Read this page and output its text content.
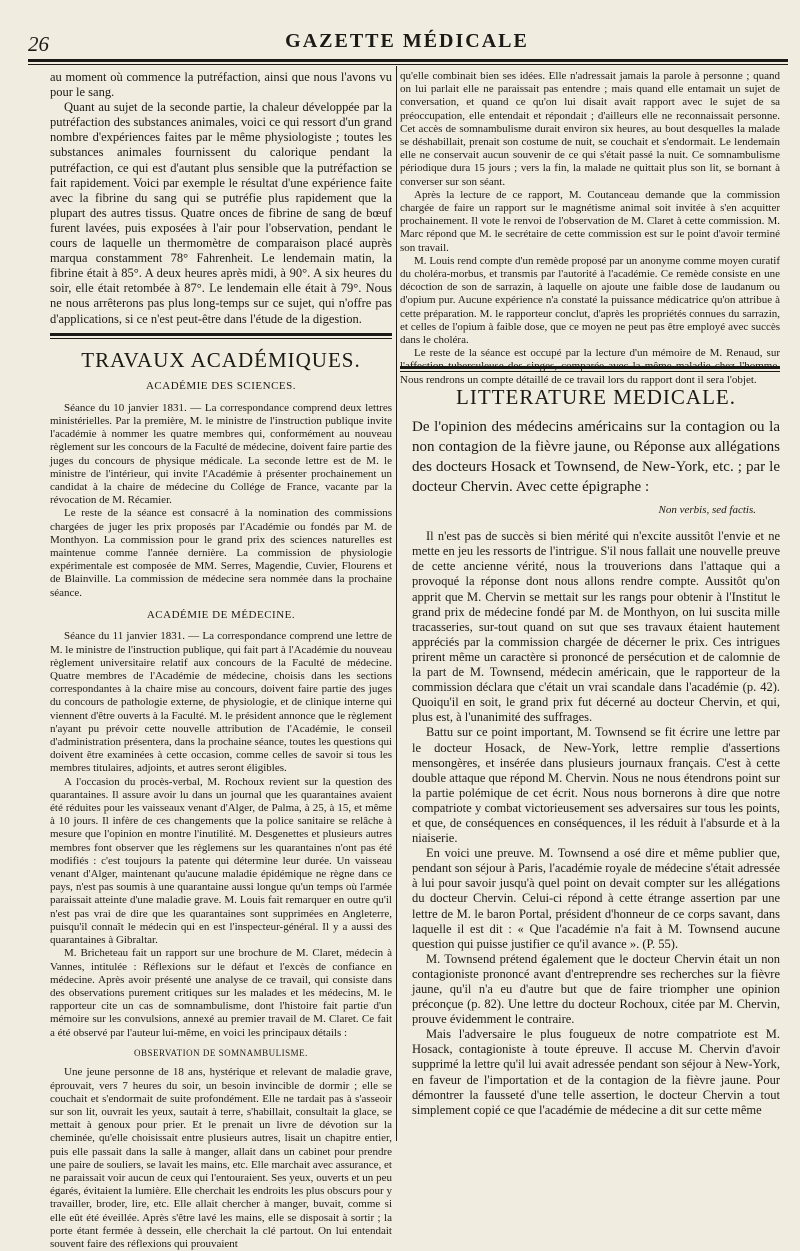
26	GAZETTE MÉDICALE

au moment où commence la putréfaction, ainsi que nous l'avons vu pour le sang.

Quant au sujet de la seconde partie, la chaleur développée par la putréfaction des substances animales, voici ce qui ressort d'un grand nombre d'expériences faites par le même physiologiste ; toutes les substances animales fournissent du calorique pendant la putréfaction, ce qui est d'autant plus sensible que la putréfaction se fait rapidement. Voici par exemple le résultat d'une expérience faite avec la fibrine du sang qui se putréfie plus rapidement que la plupart des autres tissus. Quatre onces de fibrine de sang de bœuf furent lavées, puis exposées à l'air pour l'observation, pendant le cours de laquelle un thermomètre de comparaison placé auprès marqua constamment 78° Fahrenheit. Le lendemain matin, la fibrine était à 85°. A deux heures après midi, à 90°. A six heures du soir, elle était retombée à 87°. Le lendemain elle était à 79°. Nous ne nous arrêterons pas plus long-temps sur ce sujet, qui n'offre pas d'applications, si ce n'est peut-être dans l'étude de la digestion.

TRAVAUX ACADÉMIQUES.
ACADÉMIE DES SCIENCES.

Séance du 10 janvier 1831. — La correspondance comprend deux lettres ministérielles. Par la première, M. le ministre de l'instruction publique invite l'académie à nommer les quatre membres qui, conformément au nouveau règlement sur les concours de la Faculté de médecine, doivent faire partie des juges du concours de physique médicale. La seconde lettre est de M. le ministre de l'intérieur, qui invite l'Académie à présenter prochainement un candidat à la chaire de médecine du Collége de France, vacante par la révocation de M. Récamier.

Le reste de la séance est consacré à la nomination des commissions chargées de juger les prix proposés par l'Académie ou fondés par M. de Monthyon. La commission pour le grand prix des sciences naturelles est maintenue comme l'année dernière. La commission de physiologie expérimentale est composée de MM. Serres, Magendie, Cuvier, Flourens et de Blainville. La commission de médecine sera nommée dans la prochaine séance.

ACADÉMIE DE MÉDECINE.

Séance du 11 janvier 1831. — La correspondance comprend une lettre de M. le ministre de l'instruction publique, qui fait part à l'Académie du nouveau règlement universitaire relatif aux concours de la Faculté de médecine. Quatre membres de l'Académie de médecine, choisis dans les sections correspondantes à la chaire mise au concours, doivent faire partie des juges du concours de pathologie externe, de physiologie, et de clinique interne qui viennent d'être ouverts à la Faculté. M. le président annonce que le règlement n'ayant pu prévoir cette nouvelle attribution de l'Académie, le conseil d'administration présentera, dans la prochaine séance, toutes les questions qui doivent être examinées à cette occasion, comme celles de savoir si tous les membres titulaires, adjoints, et autres seront éligibles.

A l'occasion du procès-verbal, M. Rochoux revient sur la question des quarantaines. Il assure avoir lu dans un journal que les quarantaines avaient été réduites pour les vaisseaux venant d'Alger, de Palma, à 25, à 15, et même à 10 jours. Il infère de ces changements que la police sanitaire se relâche à mesure que l'opinion en montre l'inutilité. M. Desgenettes et plusieurs autres membres font observer que les règlemens sur les quarantaines n'ont pas été modifiés : c'est toujours la patente qui détermine leur durée. Un vaisseau venant d'Alger, maintenant qu'aucune maladie épidémique ne règne dans ce pays, n'est pas soumis à une quarantaine aussi longue qu'un temps où l'armée paraissait atteinte d'une maladie grave. M. Louis fait remarquer en outre qu'il n'est pas vrai de dire que les quarantaines sont supprimées en Angleterre, puisqu'il connaît le médecin qui en est l'inspecteur-général. Il y a aussi des quarantaines à Gibraltar.

M. Bricheteau fait un rapport sur une brochure de M. Claret, médecin à Vannes, intitulée : Réflexions sur le défaut et l'excès de confiance en médecine. Après avoir présenté une analyse de ce travail, qui consiste dans des observations purement critiques sur les malades et les médecins, M. le rapporteur cite un cas de somnambulisme, dont l'histoire fait partie d'un mémoire sur les convulsions, annexé au premier travail de M. Claret. Ce fait a été observé par l'auteur lui-même, en voici les principaux détails :

OBSERVATION DE SOMNAMBULISME.

Une jeune personne de 18 ans, hystérique et relevant de maladie grave, éprouvait, vers 7 heures du soir, un besoin invincible de dormir ; elle se couchait et s'endormait de suite profondément. Elle ne tardait pas à s'asseoir sur son lit, ouvrait les yeux, sautait à terre, s'habillait, consultait la glace, se mettait à genoux pour prier. Et le prenait un livre de dévotion sur la cheminée, qu'elle choisissait entre plusieurs autres, lisait un chapitre entier, puis elle passait dans la salle à manger, allait dans un cabinet pour prendre une paire de souliers, se lavait les mains, etc. Elle marchait avec assurance, et ne paraissait voir aucun de ceux qui l'entouraient. Ses yeux, ouverts et un peu égarés, évitaient la lumière. Elle cherchait les endroits les plus obscurs pour y travailler, broder, lire, etc. Elle allait chercher à manger, buvait, comme si elle eût été éveillée. Après s'être lavé les mains, elle se disposait à sortir ; la porte étant fermée à dessein, elle cherchait la clé partout. On lui entendait souvent faire des réflexions qui prouvaient

qu'elle combinait bien ses idées. Elle n'adressait jamais la parole à personne ; quand on lui parlait elle ne paraissait pas entendre ; mais quand elle entamait un sujet de conversation, et quand ce qu'on lui disait avait rapport avec le sujet de sa préoccupation, elle entendait et répondait ; d'ailleurs elle ne reconnaissait personne. Cet accès de somnambulisme durait environ six heures, au bout desquelles la malade se déshabillait, prenait son costume de nuit, se couchait et s'endormait. Le lendemain elle ne conservait aucun souvenir de ce qui s'était passé la nuit. Ce somnambulisme périodique dura 15 jours ; vers la fin, la malade ne quittait plus son lit, se bornant à converser sur son séant.

Après la lecture de ce rapport, M. Coutanceau demande que la commission chargée de faire un rapport sur le magnétisme animal soit invitée à s'en acquitter prochainement. Il vote le renvoi de l'observation de M. Claret à cette commission. M. Marc répond que M. le secrétaire de cette commission est sur le point d'avoir terminé son travail.

M. Louis rend compte d'un remède proposé par un anonyme comme moyen curatif du choléra-morbus, et transmis par l'autorité à l'académie. Ce remède consiste en une décoction de son de sarrazin, à laquelle on ajoute une faible dose de laudanum ou d'opium pur. Aucune expérience n'a constaté la puissance médicatrice qu'on attribue à cette préparation. M. le rapporteur conclut, d'après les propriétés connues du sarrazin, et celles de l'opium à faible dose, que ce moyen ne peut pas être employé avec succès dans le choléra.

Le reste de la séance est occupé par la lecture d'un mémoire de M. Renaud, sur Nous rendrons un compte détaillé de ce travail lors du rapport dont il sera l'objet.

LITTERATURE MEDICALE.

De l'opinion des médecins américains sur la contagion ou la non contagion de la fièvre jaune, ou Réponse aux allégations des docteurs Hosack et Townsend, de New-York, etc. ; par le docteur Chervin. Avec cette épigraphe :

Non verbis, sed factis.

Il n'est pas de succès si bien mérité qui n'excite aussitôt l'envie et ne mette en jeu les ressorts de l'intrigue. S'il nous fallait une nouvelle preuve de cette ancienne vérité, nous la trouverions dans l'attaque qui a provoqué la réponse dont nous allons rendre compte. Aussitôt qu'on apprit que M. Chervin se mettait sur les rangs pour obtenir à l'Institut le grand prix de médecine fondé par M. de Monthyon, on lui suscita mille tracasseries, sur-tout quand on sut que ses travaux étaient hautement appréciés par la commission chargée de décerner le prix. Ces intrigues prirent même un caractère si prononcé de persécution et de calomnie de la part de M. Townsend, médecin américain, que le rapporteur de la commission déclara que c'était un vrai scandale dans l'académie (p. 42). Quoiqu'il en soit, le grand prix fut décerné au docteur Chervin, et qui, plus est, à l'unanimité des suffrages.

Battu sur ce point important, M. Townsend se fit écrire une lettre par le docteur Hosack, de New-York, lettre remplie d'assertions mensongères, et insérée dans plusieurs journaux français. C'est à cette double attaque que répond M. Chervin. Nous ne nous étendrons point sur la partie polémique de cet écrit. Nous nous bornerons à dire que notre compatriote y combat victorieusement ses adversaires sur tous les points, et que, de conséquences en conséquences, il les réduit à l'absurde et à la niaiserie.

En voici une preuve. M. Townsend a osé dire et même publier que, pendant son séjour à Paris, l'académie royale de médecine s'était adressée à lui pour savoir jusqu'à quel point on devait compter sur les allégations du docteur Chervin. Celui-ci répond à cette étrange assertion par une lettre de M. le baron Portal, président d'honneur de ce corps savant, dans laquelle il est dit : « Que l'académie n'a fait à M. Townsend aucune question qui puisse justifier ce qu'il avance ». (P. 55).

M. Townsend prétend également que le docteur Chervin était un non contagioniste prononcé avant d'entreprendre ses recherches sur la fièvre jaune, qu'il n'a eu d'autre but que de faire triompher une opinion préconçue (p. 82). Une lettre du docteur Rochoux, citée par M. Chervin, prouve évidemment le contraire.

Mais l'adversaire le plus fougueux de notre compatriote est M. Hosack, contagioniste à toute épreuve. Il accuse M. Chervin d'avoir supprimé la lettre qu'il lui avait adressée pendant son séjour à New-York, en faveur de l'importation et de la contagion de la fièvre jaune. Pour démontrer la fausseté d'une telle assertion, le docteur Chervin a tout simplement copié ce que l'académie de médecine a dit sur cette même
